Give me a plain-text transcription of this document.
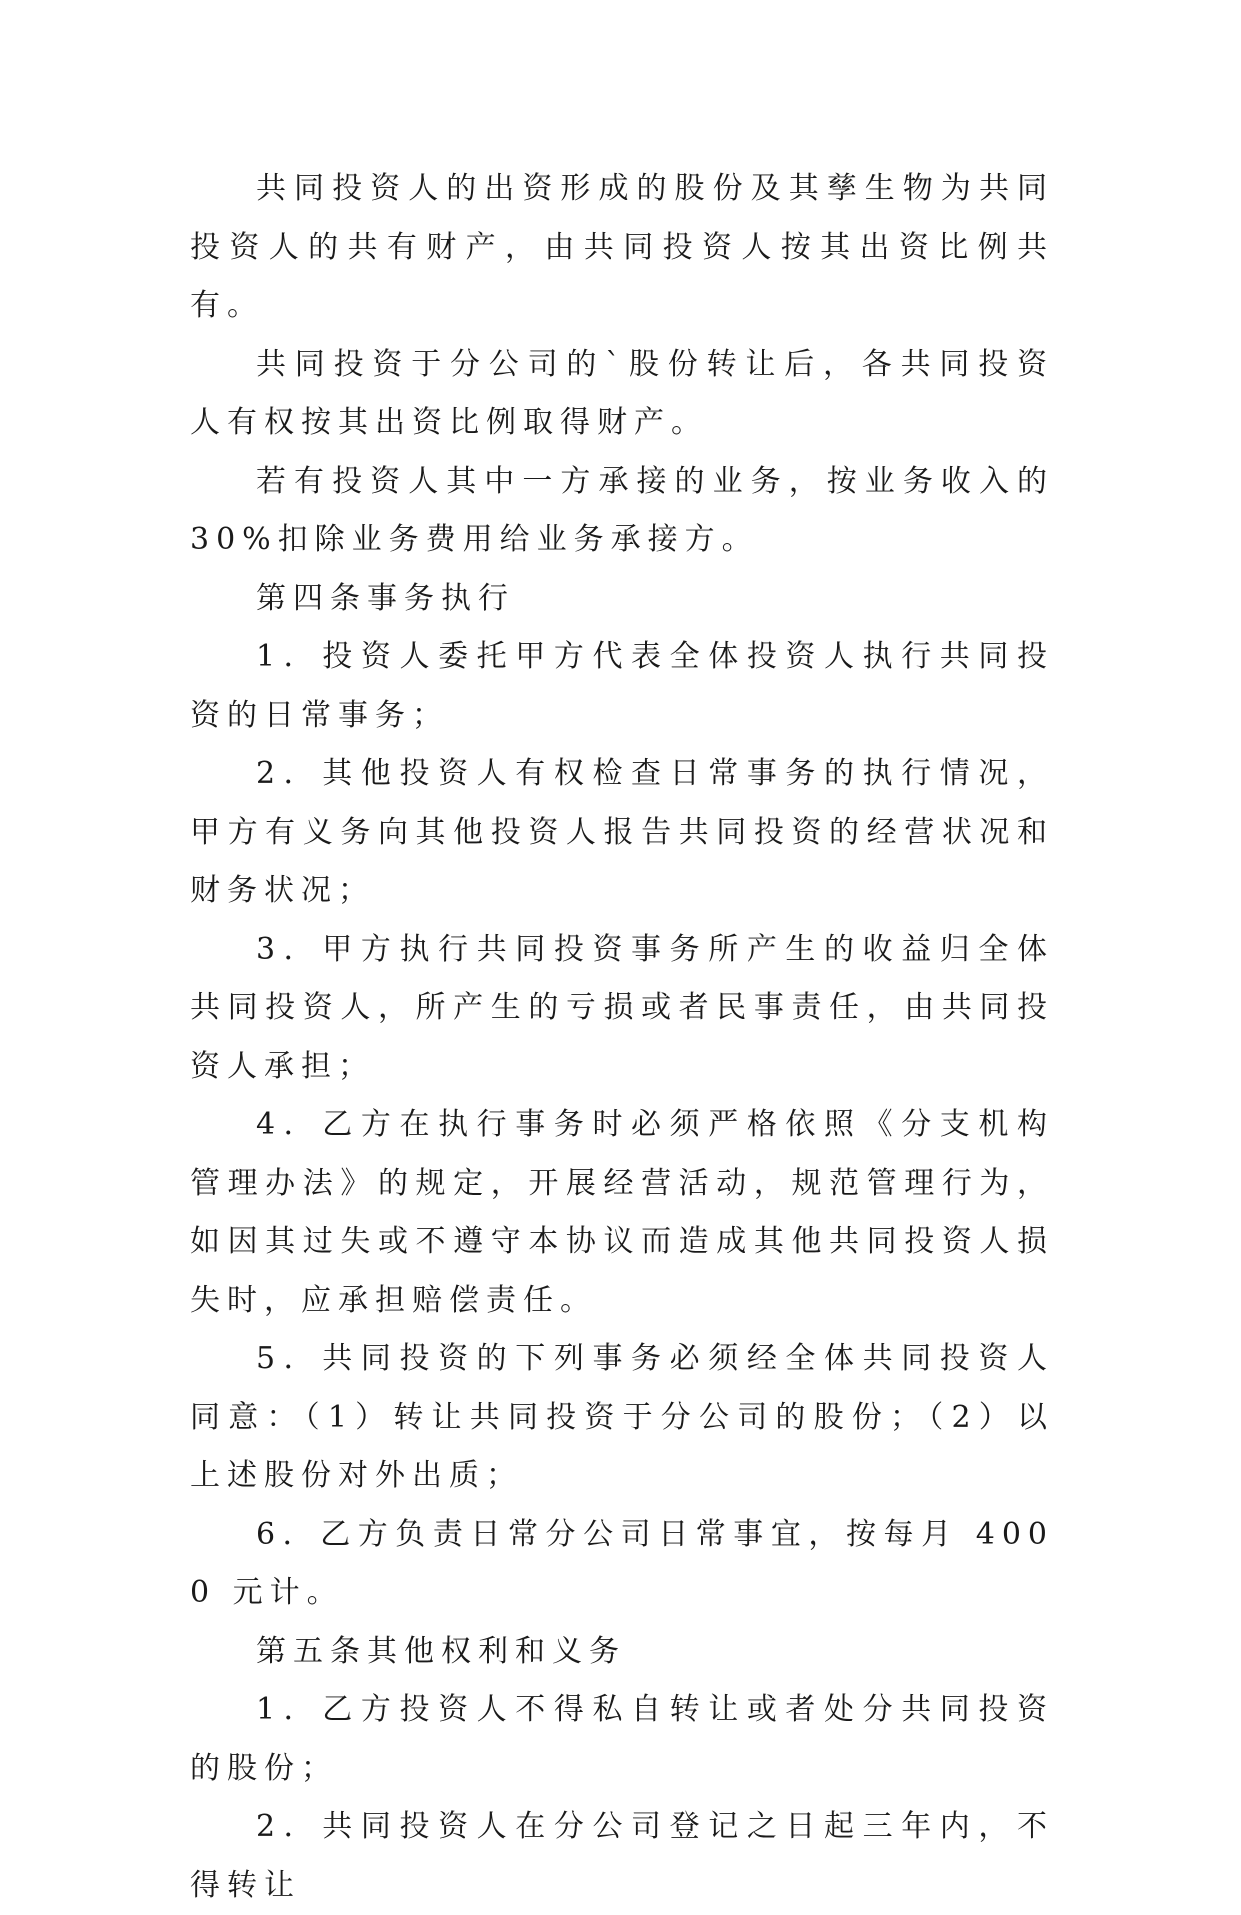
共同投资人的出资形成的股份及其孳生物为共同投资人的共有财产，由共同投资人按其出资比例共有。

共同投资于分公司的`股份转让后，各共同投资人有权按其出资比例取得财产。

若有投资人其中一方承接的业务，按业务收入的 30%扣除业务费用给业务承接方。

第四条事务执行

1．投资人委托甲方代表全体投资人执行共同投资的日常事务；

2．其他投资人有权检查日常事务的执行情况，甲方有义务向其他投资人报告共同投资的经营状况和财务状况；

3．甲方执行共同投资事务所产生的收益归全体共同投资人，所产生的亏损或者民事责任，由共同投资人承担；

4．乙方在执行事务时必须严格依照《分支机构管理办法》的规定，开展经营活动，规范管理行为，如因其过失或不遵守本协议而造成其他共同投资人损失时，应承担赔偿责任。

5．共同投资的下列事务必须经全体共同投资人同意：（1）转让共同投资于分公司的股份；（2）以上述股份对外出质；

6．乙方负责日常分公司日常事宜，按每月 4000 元计。

第五条其他权利和义务

1．乙方投资人不得私自转让或者处分共同投资的股份；

2．共同投资人在分公司登记之日起三年内，不得转让
